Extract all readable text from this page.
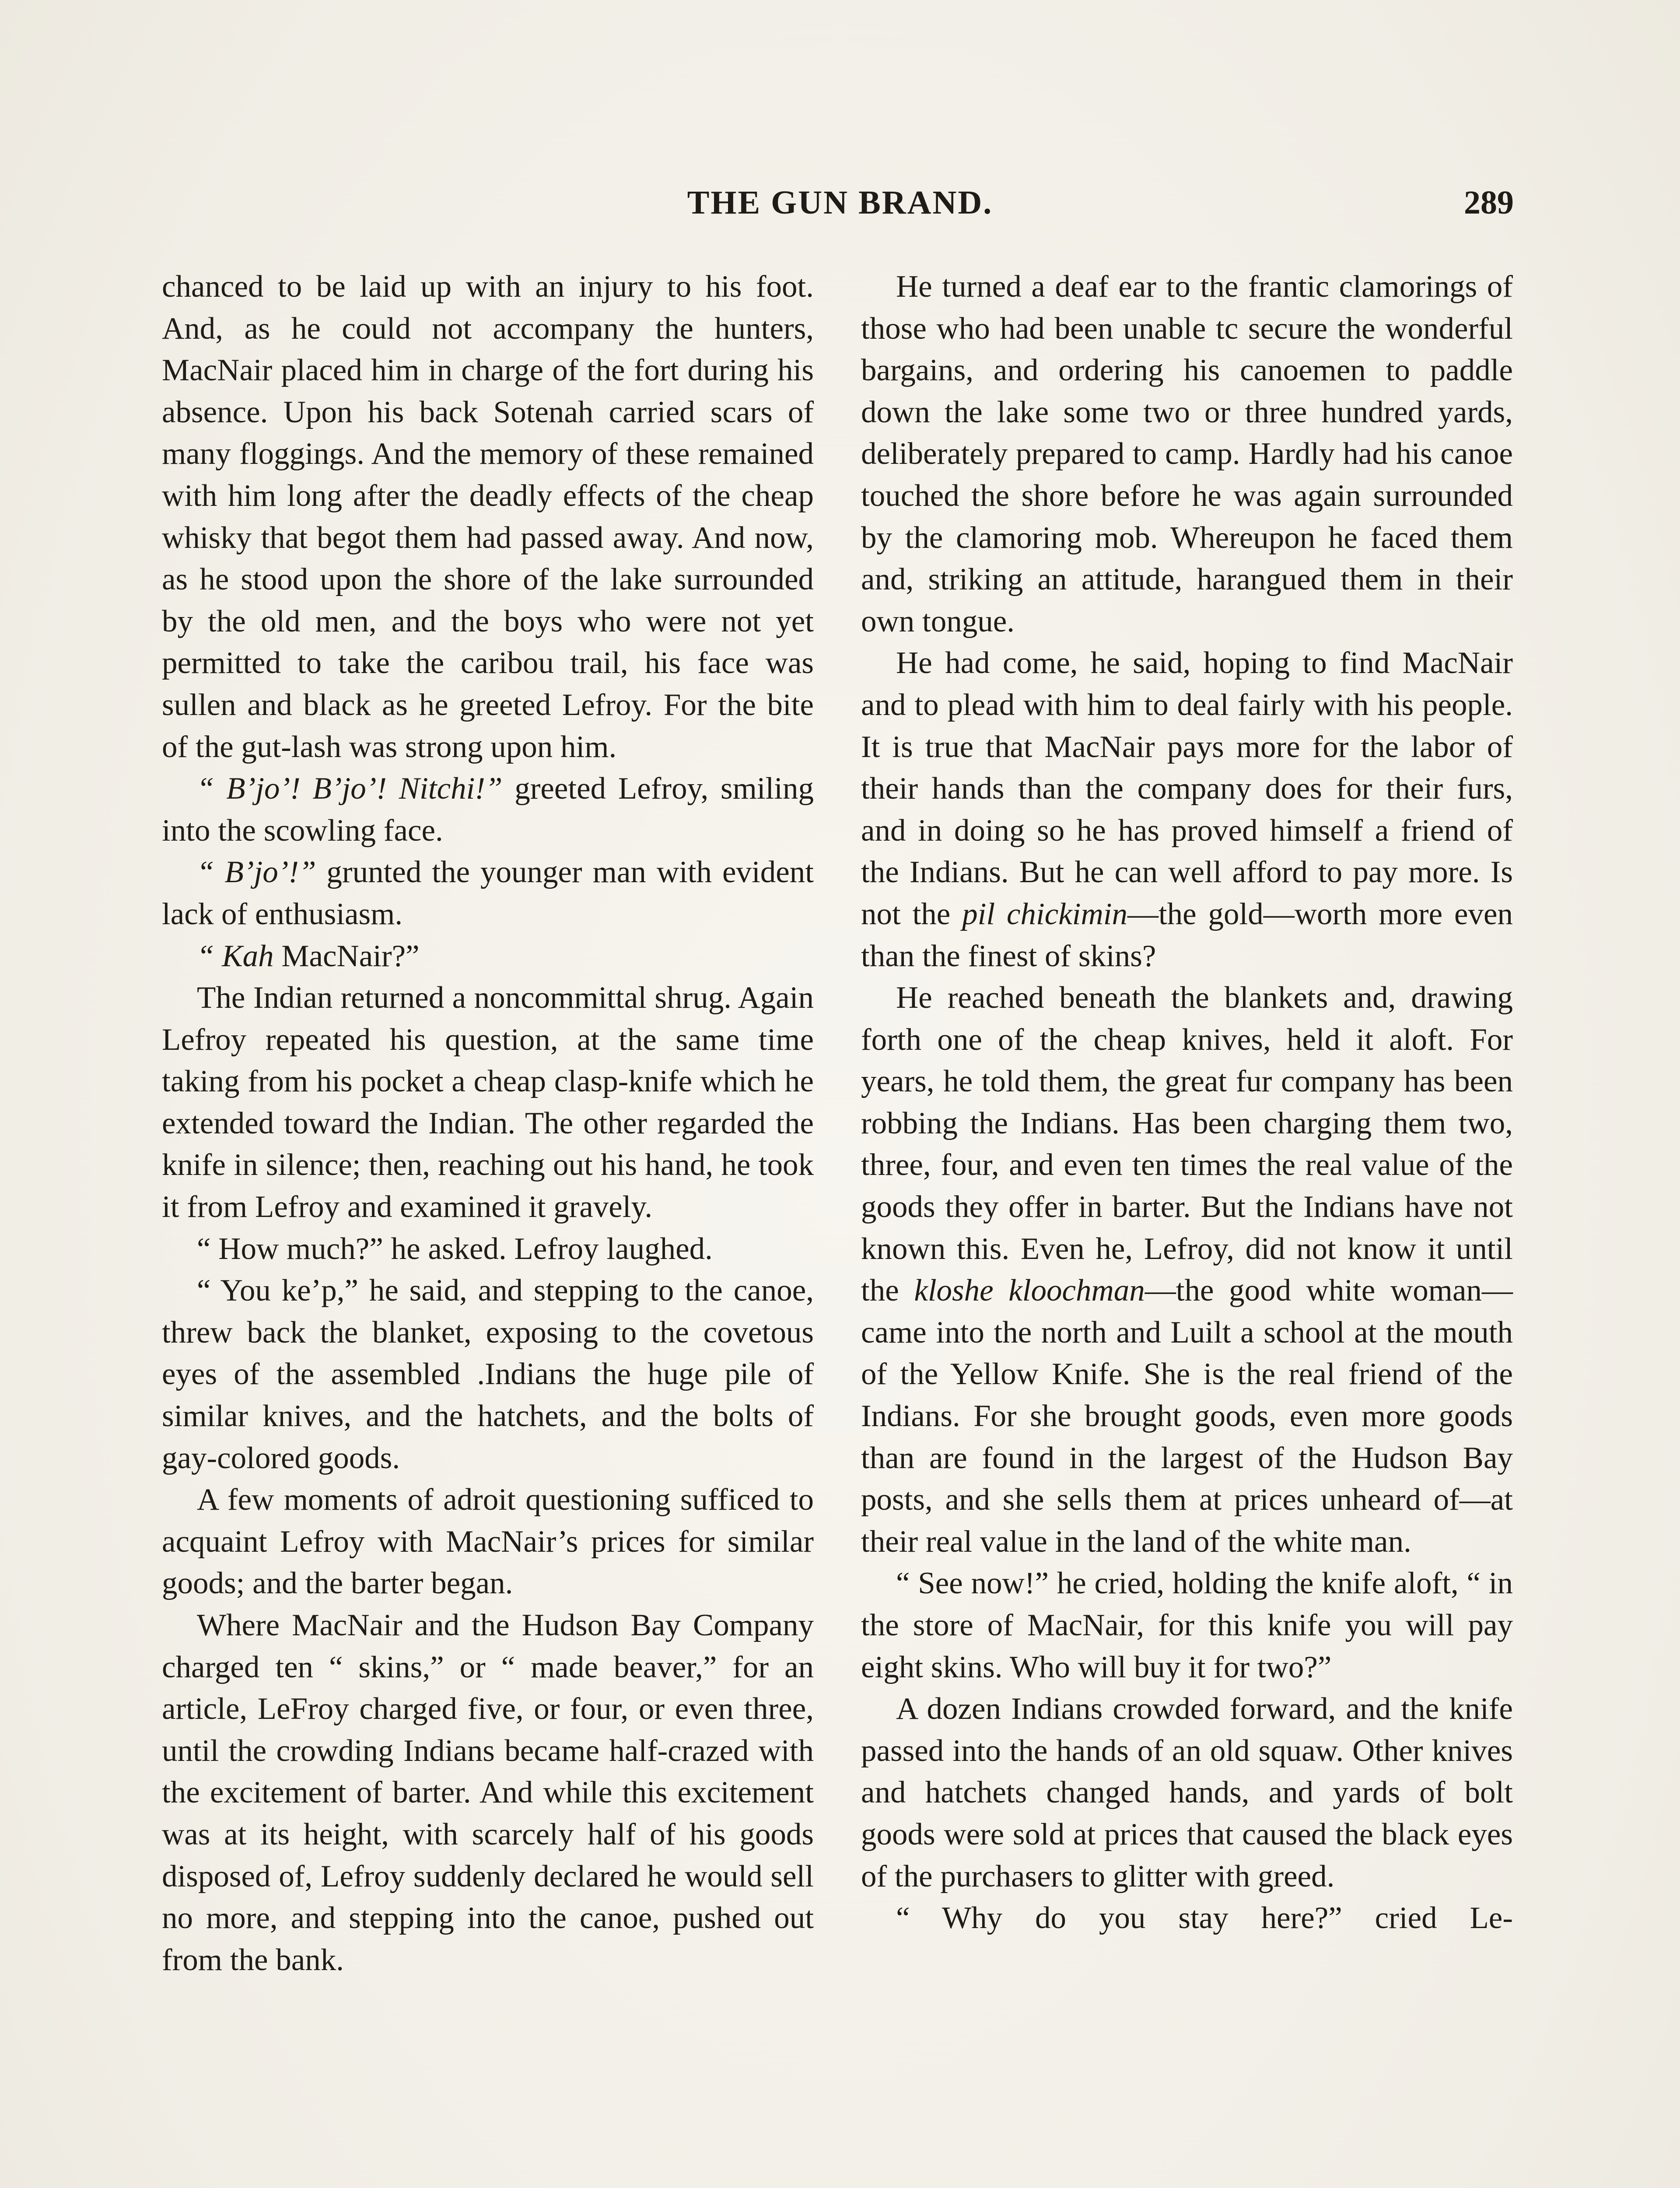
THE GUN BRAND.	289

chanced to be laid up with an injury to his foot. And, as he could not accompany the hunters, MacNair placed him in charge of the fort during his absence. Upon his back Sotenah carried scars of many floggings. And the memory of these remained with him long after the deadly effects of the cheap whisky that begot them had passed away. And now, as he stood upon the shore of the lake surrounded by the old men, and the boys who were not yet permitted to take the caribou trail, his face was sullen and black as he greeted Lefroy. For the bite of the gut-lash was strong upon him.

“ B’jo’! B’jo’! Nitchi!” greeted Lefroy, smiling into the scowling face.

“ B’jo’!” grunted the younger man with evident lack of enthusiasm.

“ Kah MacNair?”

The Indian returned a noncommittal shrug. Again Lefroy repeated his question, at the same time taking from his pocket a cheap clasp-knife which he extended toward the Indian. The other regarded the knife in silence; then, reaching out his hand, he took it from Lefroy and examined it gravely.

“ How much?” he asked. Lefroy laughed.

“ You ke’p,” he said, and stepping to the canoe, threw back the blanket, exposing to the covetous eyes of the assembled .Indians the huge pile of similar knives, and the hatchets, and the bolts of gay-colored goods.

A few moments of adroit questioning sufficed to acquaint Lefroy with MacNair’s prices for similar goods; and the barter began.

Where MacNair and the Hudson Bay Company charged ten “ skins,” or “ made beaver,” for an article, LeFroy charged five, or four, or even three, until the crowding Indians became half-crazed with the excitement of barter. And while this excitement was at its height, with scarcely half of his goods disposed of, Lefroy suddenly declared he would sell no more, and stepping into the canoe, pushed out from the bank.

He turned a deaf ear to the frantic clamorings of those who had been unable tc secure the wonderful bargains, and ordering his canoemen to paddle down the lake some two or three hundred yards, deliberately prepared to camp. Hardly had his canoe touched the shore before he was again surrounded by the clamoring mob. Whereupon he faced them and, striking an attitude, harangued them in their own tongue.

He had come, he said, hoping to find MacNair and to plead with him to deal fairly with his people. It is true that MacNair pays more for the labor of their hands than the company does for their furs, and in doing so he has proved himself a friend of the Indians. But he can well afford to pay more. Is not the pil chickimin—the gold—worth more even than the finest of skins?

He reached beneath the blankets and, drawing forth one of the cheap knives, held it aloft. For years, he told them, the great fur company has been robbing the Indians. Has been charging them two, three, four, and even ten times the real value of the goods they offer in barter. But the Indians have not known this. Even he, Lefroy, did not know it until the kloshe kloochman—the good white woman—came into the north and Luilt a school at the mouth of the Yellow Knife. She is the real friend of the Indians. For she brought goods, even more goods than are found in the largest of the Hudson Bay posts, and she sells them at prices unheard of—at their real value in the land of the white man.

“ See now!” he cried, holding the knife aloft, “ in the store of MacNair, for this knife you will pay eight skins. Who will buy it for two?”

A dozen Indians crowded forward, and the knife passed into the hands of an old squaw. Other knives and hatchets changed hands, and yards of bolt goods were sold at prices that caused the black eyes of the purchasers to glitter with greed.

“ Why do you stay here?” cried Le-
